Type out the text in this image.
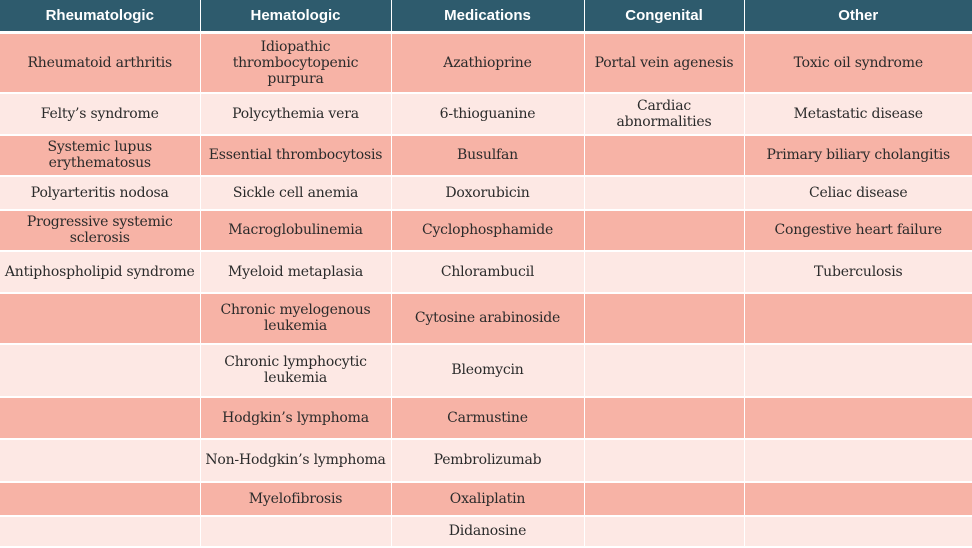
Rheumatologic	Hematologic	Medications	Congenital	Other
Rheumatoid arthritis	Idiopathic thrombocytopenic purpura	Azathioprine	Portal vein agenesis	Toxic oil syndrome
Felty’s syndrome	Polycythemia vera	6-thioguanine	Cardiac abnormalities	Metastatic disease
Systemic lupus erythematosus	Essential thrombocytosis	Busulfan		Primary biliary cholangitis
Polyarteritis nodosa	Sickle cell anemia	Doxorubicin		Celiac disease
Progressive systemic sclerosis	Macroglobulinemia	Cyclophosphamide		Congestive heart failure
Antiphospholipid syndrome	Myeloid metaplasia	Chlorambucil		Tuberculosis
	Chronic myelogenous leukemia	Cytosine arabinoside		
	Chronic lymphocytic leukemia	Bleomycin		
	Hodgkin’s lymphoma	Carmustine		
	Non-Hodgkin’s lymphoma	Pembrolizumab		
	Myelofibrosis	Oxaliplatin		
		Didanosine		
